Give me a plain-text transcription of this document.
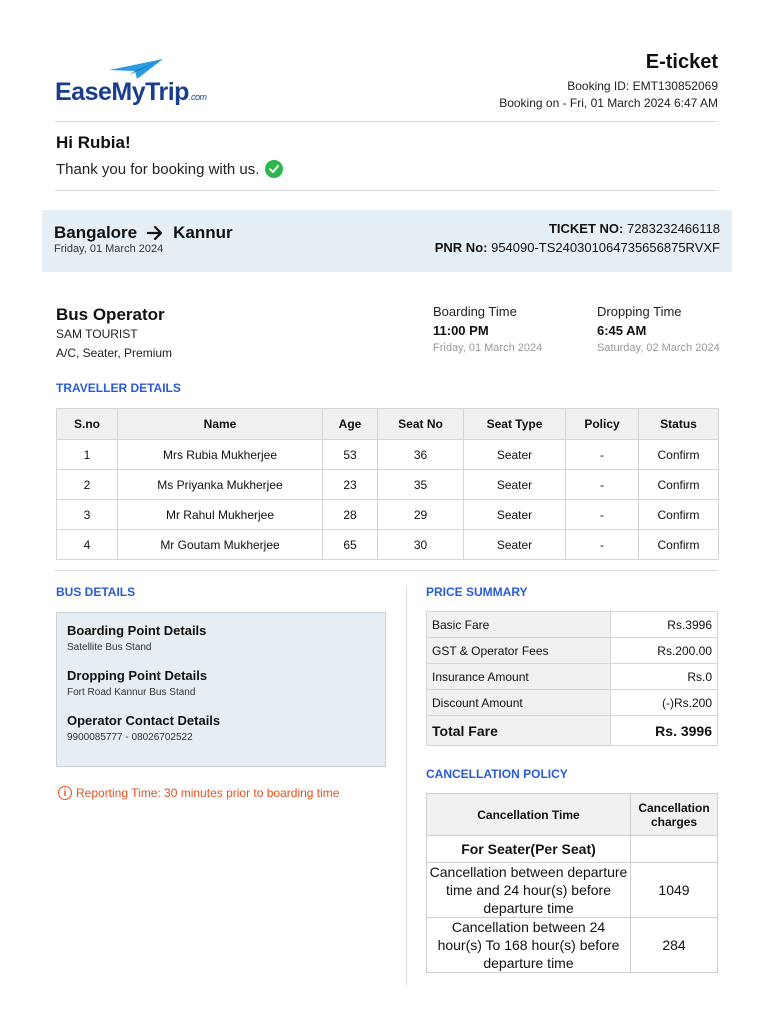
EaseMyTrip.com
E-ticket
Booking ID: EMT130852069
Booking on - Fri, 01 March 2024 6:47 AM
Hi Rubia!
Thank you for booking with us.
Bangalore Kannur
Friday, 01 March 2024
TICKET NO: 7283232466118
PNR No: 954090-TS240301064735656875RVXF
Bus Operator
SAM TOURIST
A/C, Seater, Premium
Boarding Time
11:00 PM
Friday, 01 March 2024
Dropping Time
6:45 AM
Saturday, 02 March 2024
TRAVELLER DETAILS
S.no	Name	Age	Seat No	Seat Type	Policy	Status
1	Mrs Rubia Mukherjee	53	36	Seater	-	Confirm
2	Ms Priyanka Mukherjee	23	35	Seater	-	Confirm
3	Mr Rahul Mukherjee	28	29	Seater	-	Confirm
4	Mr Goutam Mukherjee	65	30	Seater	-	Confirm
BUS DETAILS
Boarding Point Details
Satellite Bus Stand
Dropping Point Details
Fort Road Kannur Bus Stand
Operator Contact Details
9900085777 - 08026702522
i Reporting Time: 30 minutes prior to boarding time
PRICE SUMMARY
Basic Fare	Rs.3996
GST & Operator Fees	Rs.200.00
Insurance Amount	Rs.0
Discount Amount	(-)Rs.200
Total Fare	Rs. 3996
CANCELLATION POLICY
Cancellation Time	Cancellation charges
For Seater(Per Seat)	
Cancellation between departure time and 24 hour(s) before departure time	1049
Cancellation between 24 hour(s) To 168 hour(s) before departure time	284
